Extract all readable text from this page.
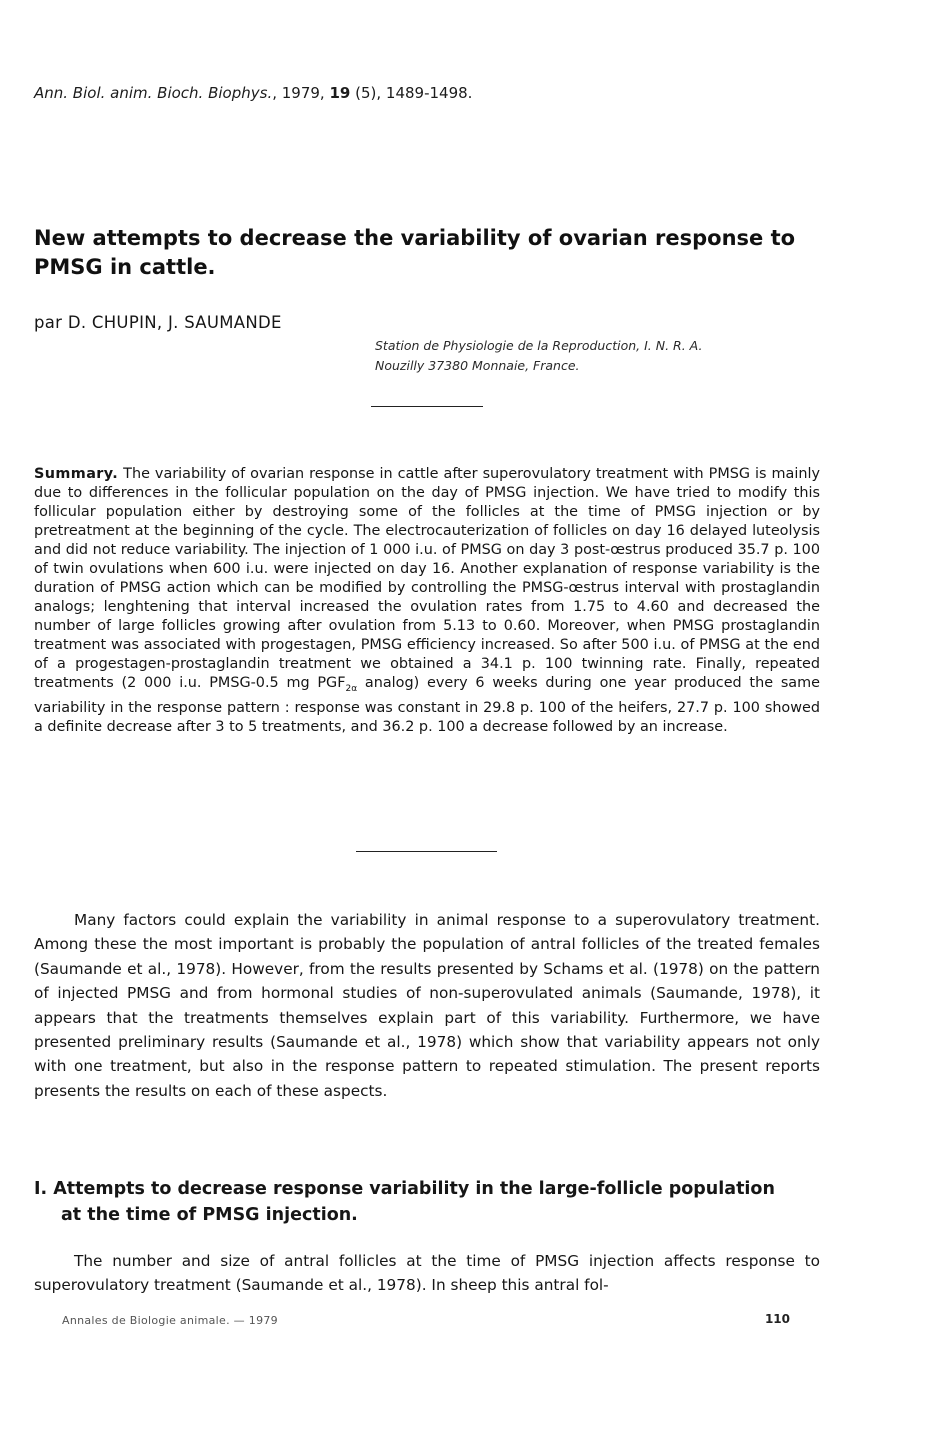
Ann. Biol. anim. Bioch. Biophys., 1979, 19 (5), 1489-1498.
New attempts to decrease the variability of ovarian response to PMSG in cattle.
par D. CHUPIN, J. SAUMANDE
Station de Physiologie de la Reproduction, I. N. R. A.
Nouzilly 37380 Monnaie, France.
Summary. The variability of ovarian response in cattle after superovulatory treatment with PMSG is mainly due to differences in the follicular population on the day of PMSG injection. We have tried to modify this follicular population either by destroying some of the follicles at the time of PMSG injection or by pretreatment at the beginning of the cycle. The electrocauterization of follicles on day 16 delayed luteolysis and did not reduce variability. The injection of 1 000 i.u. of PMSG on day 3 post-œstrus produced 35.7 p. 100 of twin ovulations when 600 i.u. were injected on day 16. Another explanation of response variability is the duration of PMSG action which can be modified by controlling the PMSG-œstrus interval with prostaglandin analogs; lenghtening that interval increased the ovulation rates from 1.75 to 4.60 and decreased the number of large follicles growing after ovulation from 5.13 to 0.60. Moreover, when PMSG prostaglandin treatment was associated with progestagen, PMSG efficiency increased. So after 500 i.u. of PMSG at the end of a progestagen-prostaglandin treatment we obtained a 34.1 p. 100 twinning rate. Finally, repeated treatments (2 000 i.u. PMSG-0.5 mg $PGF_{2\alpha}$ analog) every 6 weeks during one year produced the same variability in the response pattern : response was constant in 29.8 p. 100 of the heifers, 27.7 p. 100 showed a definite decrease after 3 to 5 treatments, and 36.2 p. 100 a decrease followed by an increase.
Many factors could explain the variability in animal response to a superovulatory treatment. Among these the most important is probably the population of antral follicles of the treated females (Saumande et al., 1978). However, from the results presented by Schams et al. (1978) on the pattern of injected PMSG and from hormonal studies of non-superovulated animals (Saumande, 1978), it appears that the treatments themselves explain part of this variability. Furthermore, we have presented preliminary results (Saumande et al., 1978) which show that variability appears not only with one treatment, but also in the response pattern to repeated stimulation. The present reports presents the results on each of these aspects.
I. Attempts to decrease response variability in the large-follicle population
at the time of PMSG injection.
The number and size of antral follicles at the time of PMSG injection affects response to superovulatory treatment (Saumande et al., 1978). In sheep this antral fol-
Annales de Biologie animale. — 1979	110
